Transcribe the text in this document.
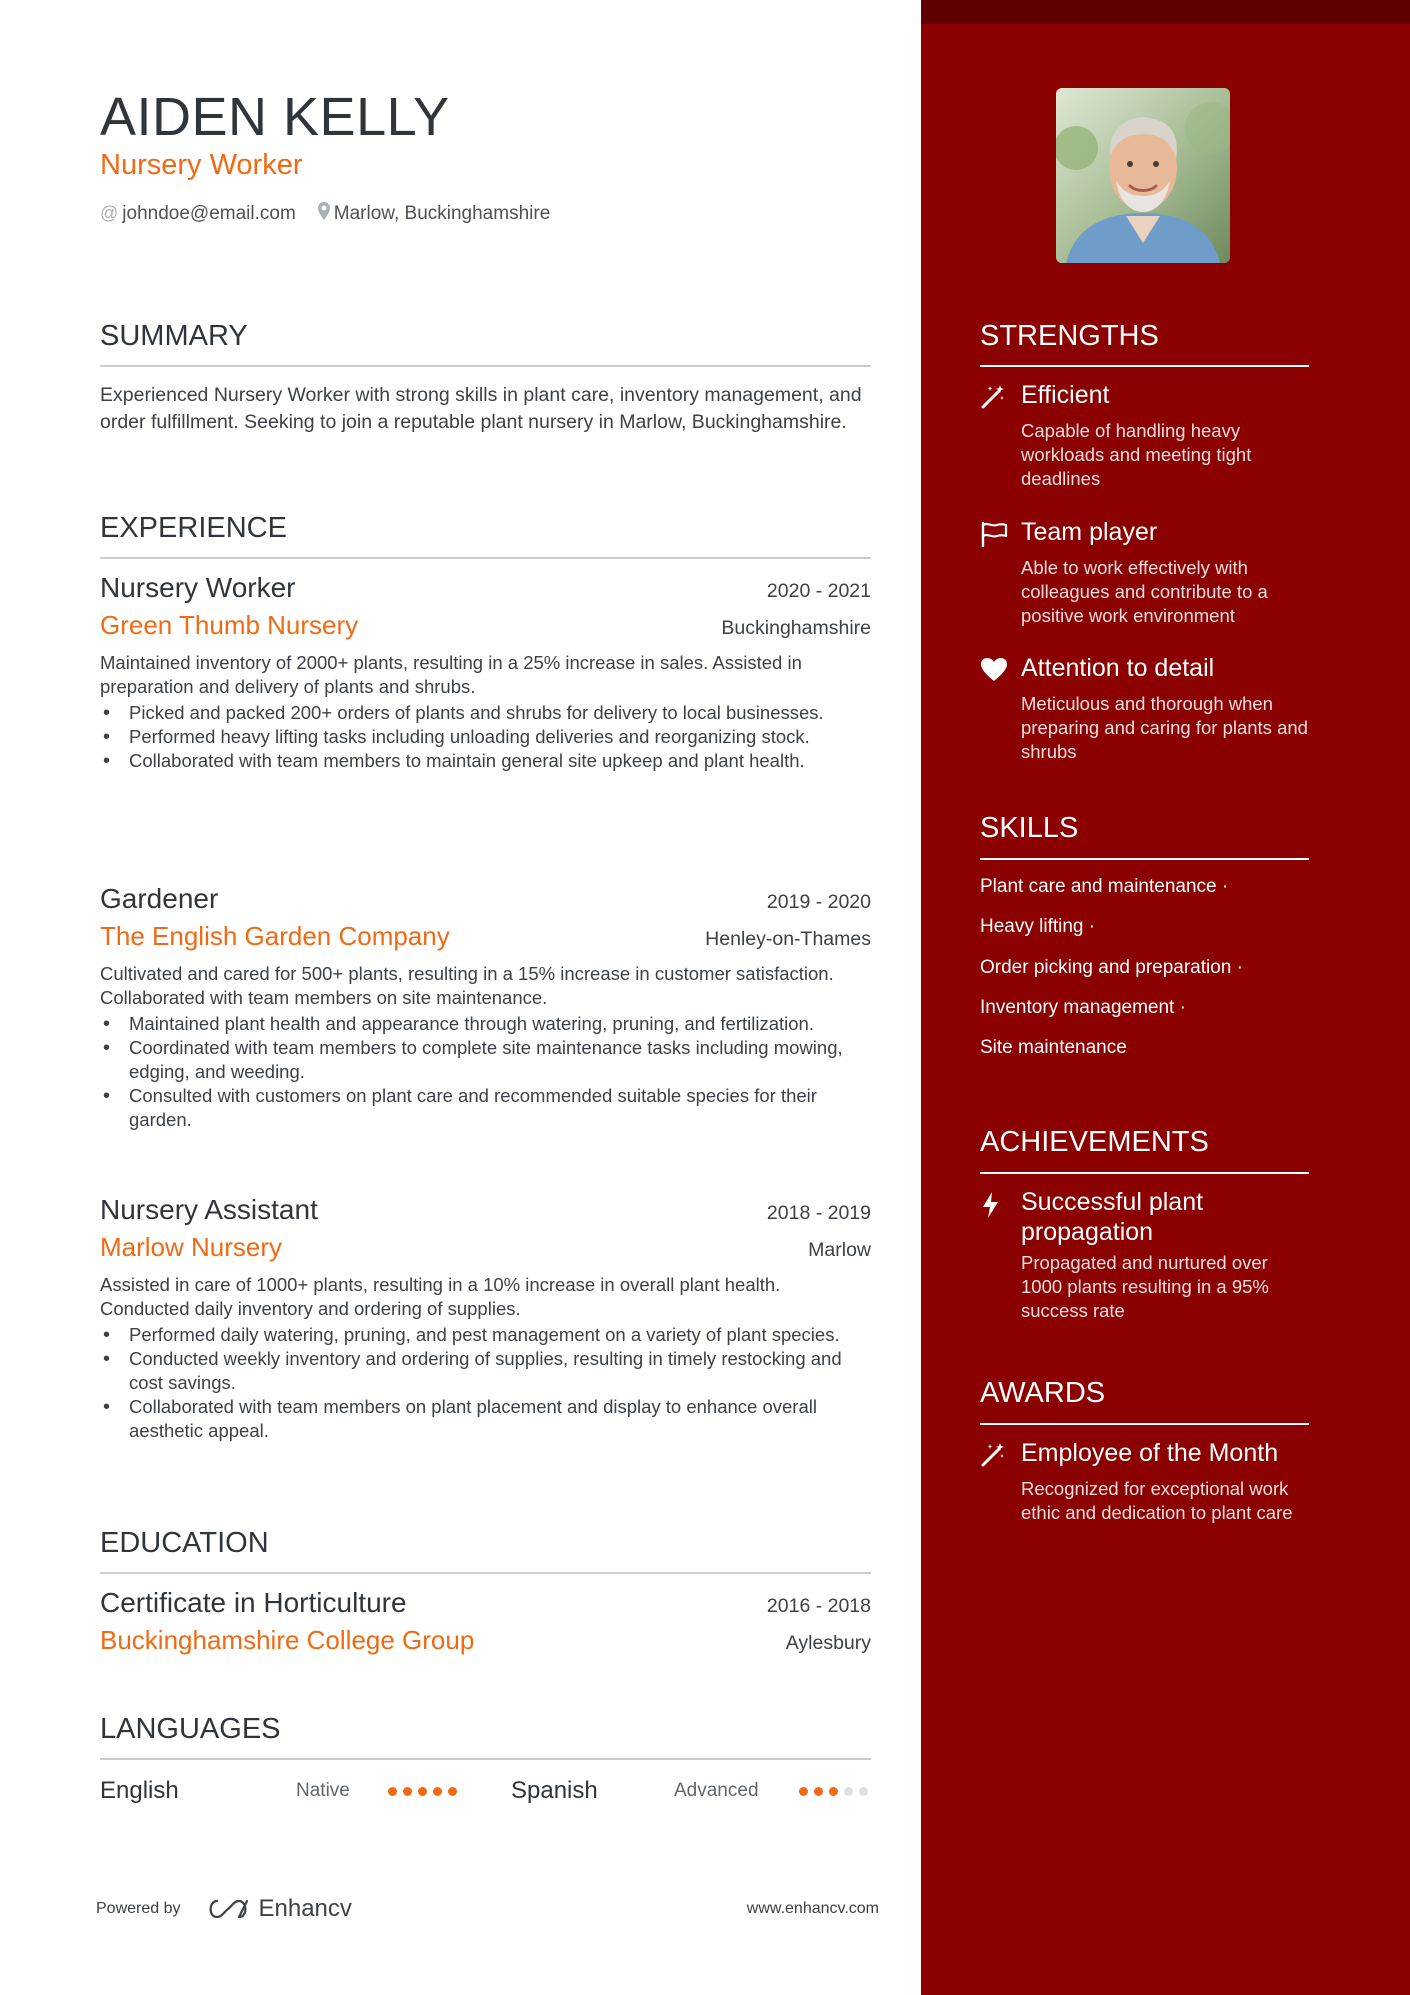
AIDEN KELLY
Nursery Worker
@ johndoe@email.com Marlow, Buckinghamshire
SUMMARY
Experienced Nursery Worker with strong skills in plant care, inventory management, and order fulfillment. Seeking to join a reputable plant nursery in Marlow, Buckinghamshire.
EXPERIENCE
Nursery Worker	2020 - 2021
Green Thumb Nursery	Buckinghamshire
Maintained inventory of 2000+ plants, resulting in a 25% increase in sales. Assisted in preparation and delivery of plants and shrubs.
• Picked and packed 200+ orders of plants and shrubs for delivery to local businesses.
• Performed heavy lifting tasks including unloading deliveries and reorganizing stock.
• Collaborated with team members to maintain general site upkeep and plant health.
Gardener	2019 - 2020
The English Garden Company	Henley-on-Thames
Cultivated and cared for 500+ plants, resulting in a 15% increase in customer satisfaction. Collaborated with team members on site maintenance.
• Maintained plant health and appearance through watering, pruning, and fertilization.
• Coordinated with team members to complete site maintenance tasks including mowing, edging, and weeding.
• Consulted with customers on plant care and recommended suitable species for their garden.
Nursery Assistant	2018 - 2019
Marlow Nursery	Marlow
Assisted in care of 1000+ plants, resulting in a 10% increase in overall plant health. Conducted daily inventory and ordering of supplies.
• Performed daily watering, pruning, and pest management on a variety of plant species.
• Conducted weekly inventory and ordering of supplies, resulting in timely restocking and cost savings.
• Collaborated with team members on plant placement and display to enhance overall aesthetic appeal.
EDUCATION
Certificate in Horticulture	2016 - 2018
Buckinghamshire College Group	Aylesbury
LANGUAGES
English	Native	Spanish	Advanced
Powered by	Enhancv	www.enhancv.com
STRENGTHS
Efficient
Capable of handling heavy workloads and meeting tight deadlines
Team player
Able to work effectively with colleagues and contribute to a positive work environment
Attention to detail
Meticulous and thorough when preparing and caring for plants and shrubs
SKILLS
Plant care and maintenance ·
Heavy lifting ·
Order picking and preparation ·
Inventory management ·
Site maintenance
ACHIEVEMENTS
Successful plant propagation
Propagated and nurtured over 1000 plants resulting in a 95% success rate
AWARDS
Employee of the Month
Recognized for exceptional work ethic and dedication to plant care
